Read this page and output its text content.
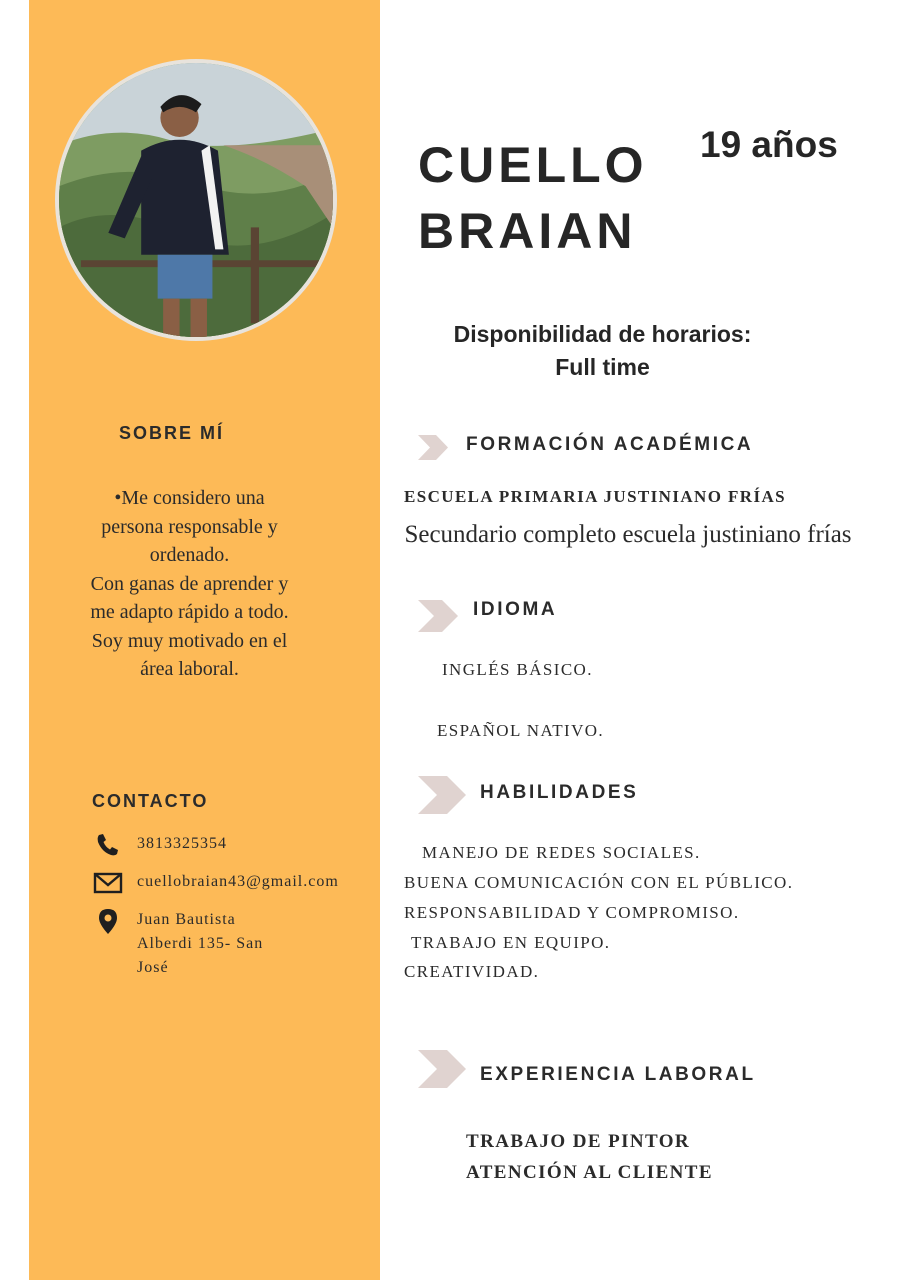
SOBRE MÍ
•Me considero una
persona responsable y
ordenado.
Con ganas de aprender y
me adapto rápido a todo.
Soy muy motivado en el
área laboral.
CONTACTO
3813325354
cuellobraian43@gmail.com
Juan Bautista
Alberdi 135- San
José
CUELLO
BRAIAN
19 años
Disponibilidad de horarios:
Full time
FORMACIÓN ACADÉMICA
ESCUELA PRIMARIA JUSTINIANO FRÍAS
Secundario completo escuela justiniano frías
IDIOMA
INGLÉS BÁSICO.
ESPAÑOL NATIVO.
HABILIDADES
MANEJO DE REDES SOCIALES.
BUENA COMUNICACIÓN CON EL PÚBLICO.
RESPONSABILIDAD Y COMPROMISO.
TRABAJO EN EQUIPO.
CREATIVIDAD.
EXPERIENCIA LABORAL
TRABAJO DE PINTOR
ATENCIÓN AL CLIENTE
